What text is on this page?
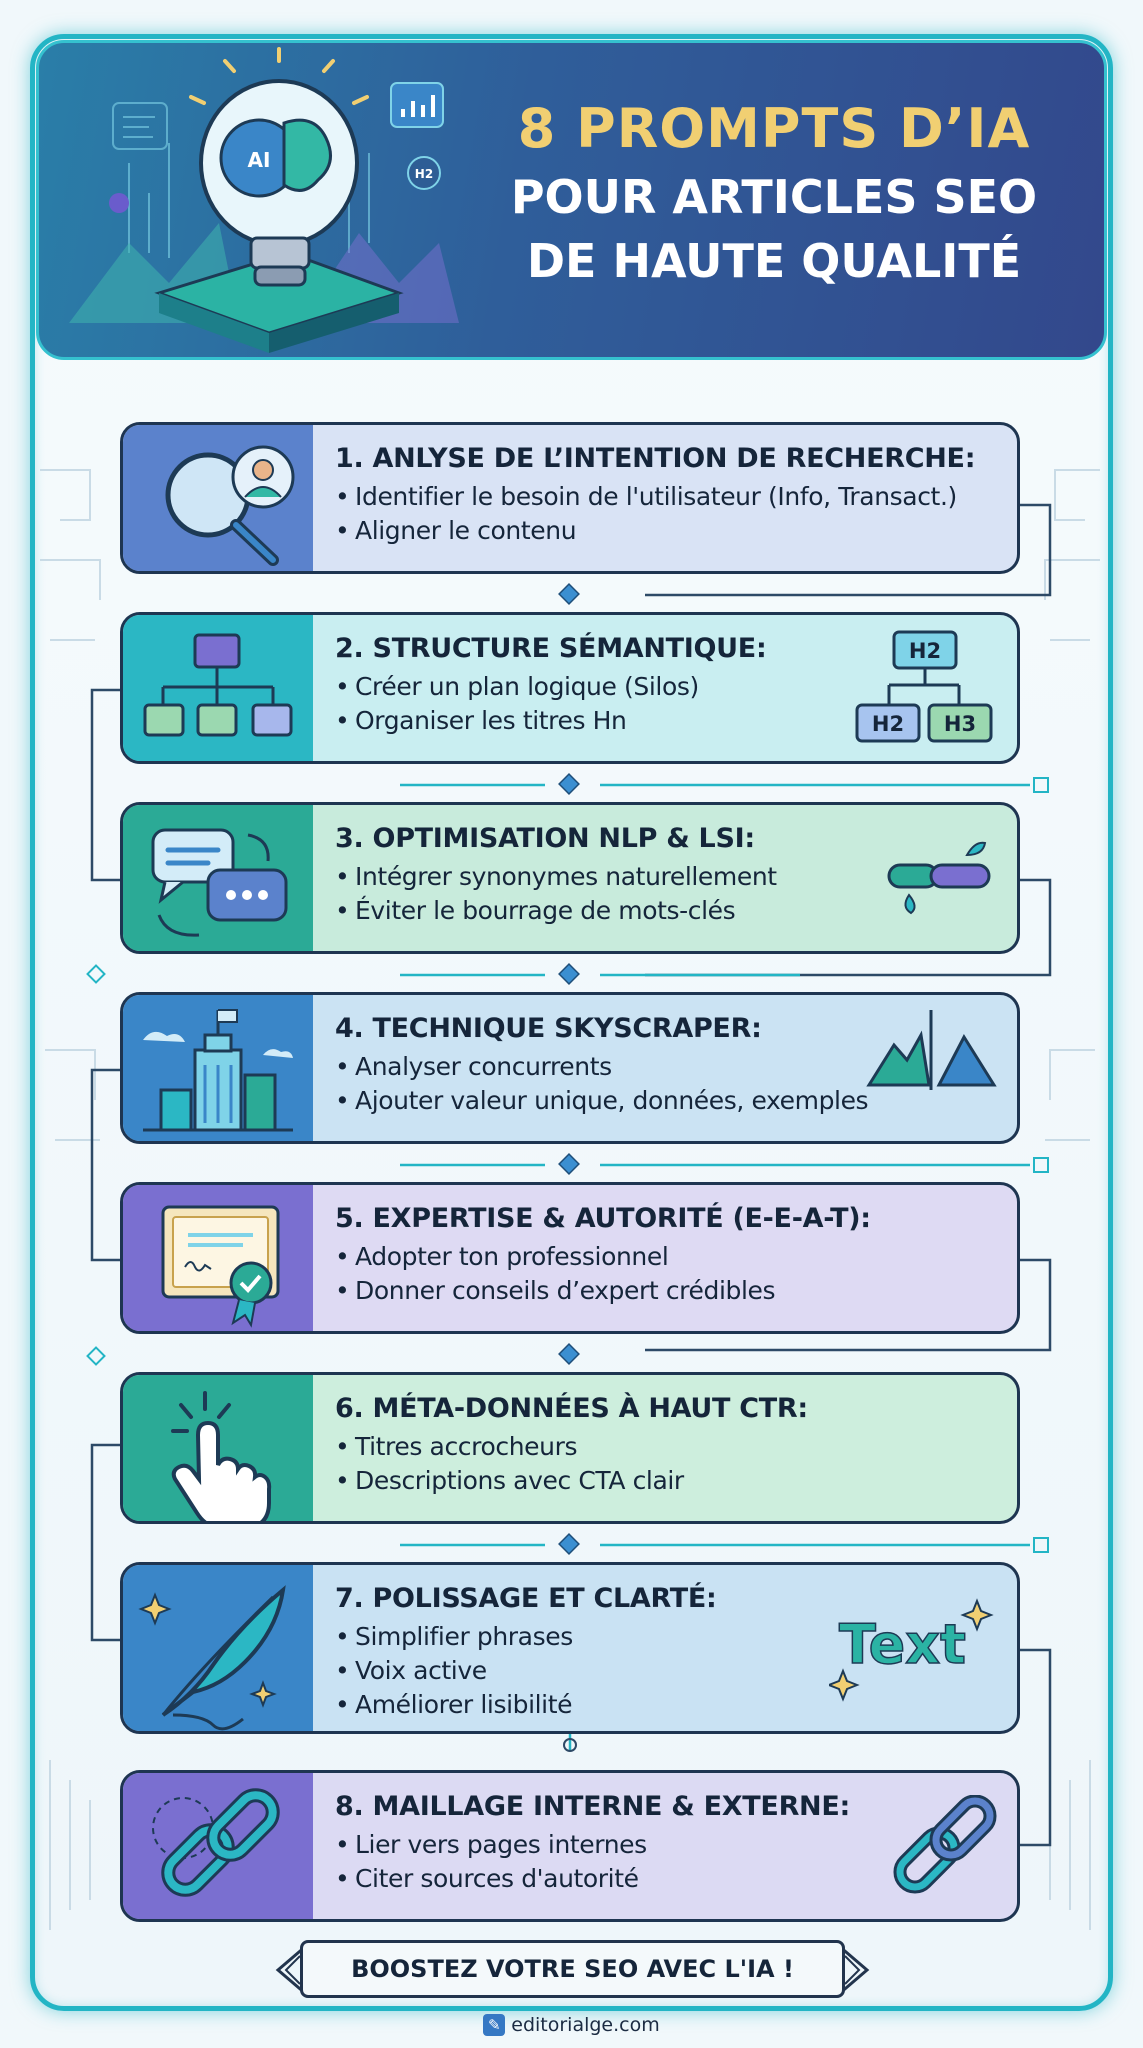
AI
H2
8 PROMPTS D’IA
POUR ARTICLES SEO
DE HAUTE QUALITÉ
1. ANLYSE DE L’INTENTION DE RECHERCHE:
• Identifier le besoin de l'utilisateur (Info, Transact.)
• Aligner le contenu
2. STRUCTURE SÉMANTIQUE:
• Créer un plan logique (Silos)
• Organiser les titres Hn
H2
H2 H3
3. OPTIMISATION NLP & LSI:
• Intégrer synonymes naturellement
• Éviter le bourrage de mots-clés
4. TECHNIQUE SKYSCRAPER:
• Analyser concurrents
• Ajouter valeur unique, données, exemples
5. EXPERTISE & AUTORITÉ (E-E-A-T):
• Adopter ton professionnel
• Donner conseils d’expert crédibles
6. MÉTA-DONNÉES À HAUT CTR:
• Titres accrocheurs
• Descriptions avec CTA clair
7. POLISSAGE ET CLARTÉ:
• Simplifier phrases
• Voix active
• Améliorer lisibilité
Text
8. MAILLAGE INTERNE & EXTERNE:
• Lier vers pages internes
• Citer sources d'autorité
BOOSTEZ VOTRE SEO AVEC L'IA !
✎ editorialge.com
